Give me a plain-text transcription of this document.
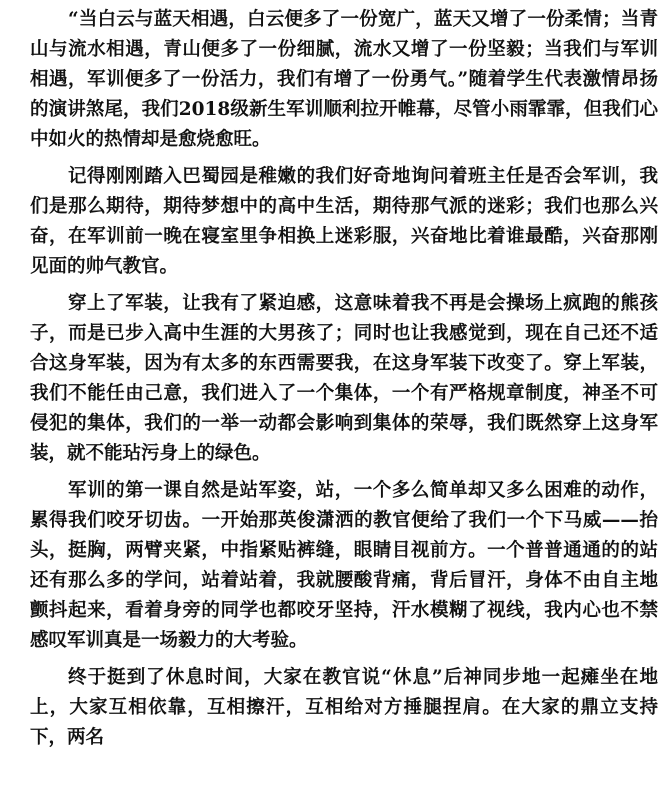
“当白云与蓝天相遇，白云便多了一份宽广，蓝天又增了一份柔情；当青山与流水相遇，青山便多了一份细腻，流水又增了一份坚毅；当我们与军训相遇，军训便多了一份活力，我们有增了一份勇气。”随着学生代表激情昂扬的演讲煞尾，我们2018级新生军训顺利拉开帷幕，尽管小雨霏霏，但我们心中如火的热情却是愈烧愈旺。

记得刚刚踏入巴蜀园是稚嫩的我们好奇地询问着班主任是否会军训，我们是那么期待，期待梦想中的高中生活，期待那气派的迷彩；我们也那么兴奋，在军训前一晚在寝室里争相换上迷彩服，兴奋地比着谁最酷，兴奋那刚见面的帅气教官。

穿上了军装，让我有了紧迫感，这意味着我不再是会操场上疯跑的熊孩子，而是已步入高中生涯的大男孩了；同时也让我感觉到，现在自己还不适合这身军装，因为有太多的东西需要我，在这身军装下改变了。穿上军装，我们不能任由己意，我们进入了一个集体，一个有严格规章制度，神圣不可侵犯的集体，我们的一举一动都会影响到集体的荣辱，我们既然穿上这身军装，就不能玷污身上的绿色。

军训的第一课自然是站军姿，站，一个多么简单却又多么困难的动作，累得我们咬牙切齿。一开始那英俊潇洒的教官便给了我们一个下马威——抬头，挺胸，两臂夹紧，中指紧贴裤缝，眼睛目视前方。一个普普通通的的站还有那么多的学问，站着站着，我就腰酸背痛，背后冒汗，身体不由自主地颤抖起来，看着身旁的同学也都咬牙坚持，汗水模糊了视线，我内心也不禁感叹军训真是一场毅力的大考验。

终于挺到了休息时间，大家在教官说“休息”后神同步地一起瘫坐在地上，大家互相依靠，互相擦汗，互相给对方捶腿捏肩。在大家的鼎立支持下，两名
